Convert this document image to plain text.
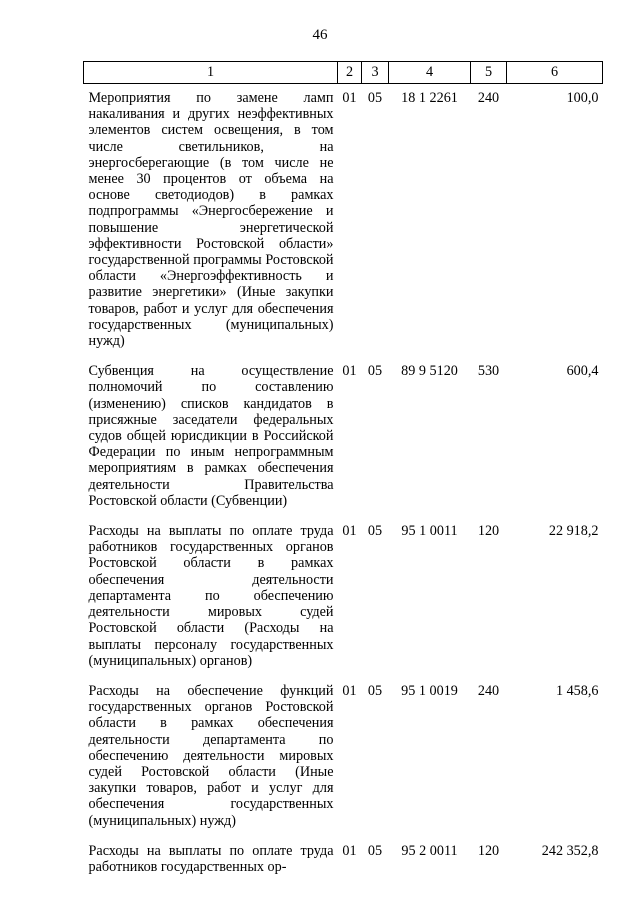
46
1	2	3	4	5	6
Мероприятия по замене ламп накаливания и других неэффективных элементов систем освещения, в том числе светильников, на энергосберегающие (в том числе не менее 30 процентов от объема на основе светодиодов) в рамках подпрограммы «Энергосбережение и повышение энергетической эффективности Ростовской области» государственной программы Ростовской области «Энергоэффективность и развитие энергетики» (Иные закупки товаров, работ и услуг для обеспечения государственных (муниципальных) нужд)	01	05	18 1 2261	240	100,0
Субвенция на осуществление полномочий по составлению (изменению) списков кандидатов в присяжные заседатели федеральных судов общей юрисдикции в Российской Федерации по иным непрограммным мероприятиям в рамках обеспечения деятельности Правительства Ростовской области (Субвенции)	01	05	89 9 5120	530	600,4
Расходы на выплаты по оплате труда работников государственных органов Ростовской области в рамках обеспечения деятельности департамента по обеспечению деятельности мировых судей Ростовской области (Расходы на выплаты персоналу государственных (муниципальных) органов)	01	05	95 1 0011	120	22 918,2
Расходы на обеспечение функций государственных органов Ростовской области в рамках обеспечения деятельности департамента по обеспечению деятельности мировых судей Ростовской области (Иные закупки товаров, работ и услуг для обеспечения государственных (муниципальных) нужд)	01	05	95 1 0019	240	1 458,6
Расходы на выплаты по оплате труда работников государственных ор-	01	05	95 2 0011	120	242 352,8
